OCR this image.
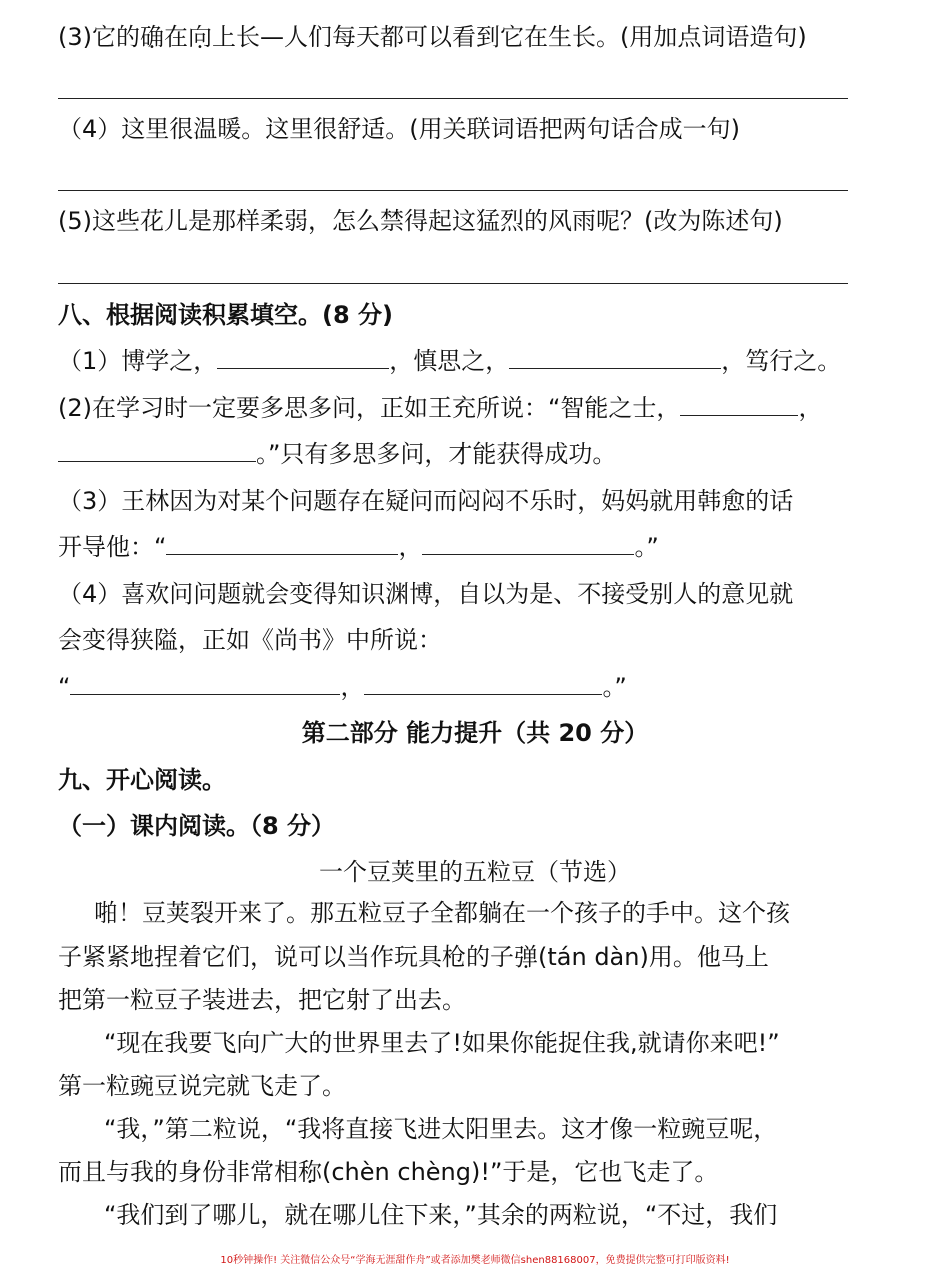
(3)它的确在向上长—人们每天都可以看到它在生长。(用加点词语造句)
（4）这里很温暖。这里很舒适。(用关联词语把两句话合成一句)
(5)这些花儿是那样柔弱，怎么禁得起这猛烈的风雨呢？(改为陈述句)
八、根据阅读积累填空。(8 分)
（1）博学之，	，慎思之，	，笃行之。
(2)在学习时一定要多思多问，正如王充所说：“智能之士，	，
。”只有多思多问，才能获得成功。
（3）王林因为对某个问题存在疑问而闷闷不乐时，妈妈就用韩愈的话
开导他：“	，	。”
（4）喜欢问问题就会变得知识渊博，自以为是、不接受别人的意见就
会变得狭隘，正如《尚书》中所说：
“	，	。”
第二部分 能力提升（共 20 分）
九、开心阅读。
（一）课内阅读。（8 分）
一个豆荚里的五粒豆（节选）
啪！豆荚裂开来了。那五粒豆子全都躺在一个孩子的手中。这个孩
子紧紧地捏着它们，说可以当作玩具枪的子弹(tán dàn)用。他马上
把第一粒豆子装进去，把它射了出去。
“现在我要飞向广大的世界里去了!如果你能捉住我,就请你来吧!”
第一粒豌豆说完就飞走了。
“我，”第二粒说，“我将直接飞进太阳里去。这才像一粒豌豆呢，
而且与我的身份非常相称(chèn chèng)!”于是，它也飞走了。
“我们到了哪儿，就在哪儿住下来，”其余的两粒说，“不过，我们
10秒钟操作! 关注微信公众号“学海无涯甜作舟”或者添加樊老师微信shen88168007，免费提供完整可打印版资料!
